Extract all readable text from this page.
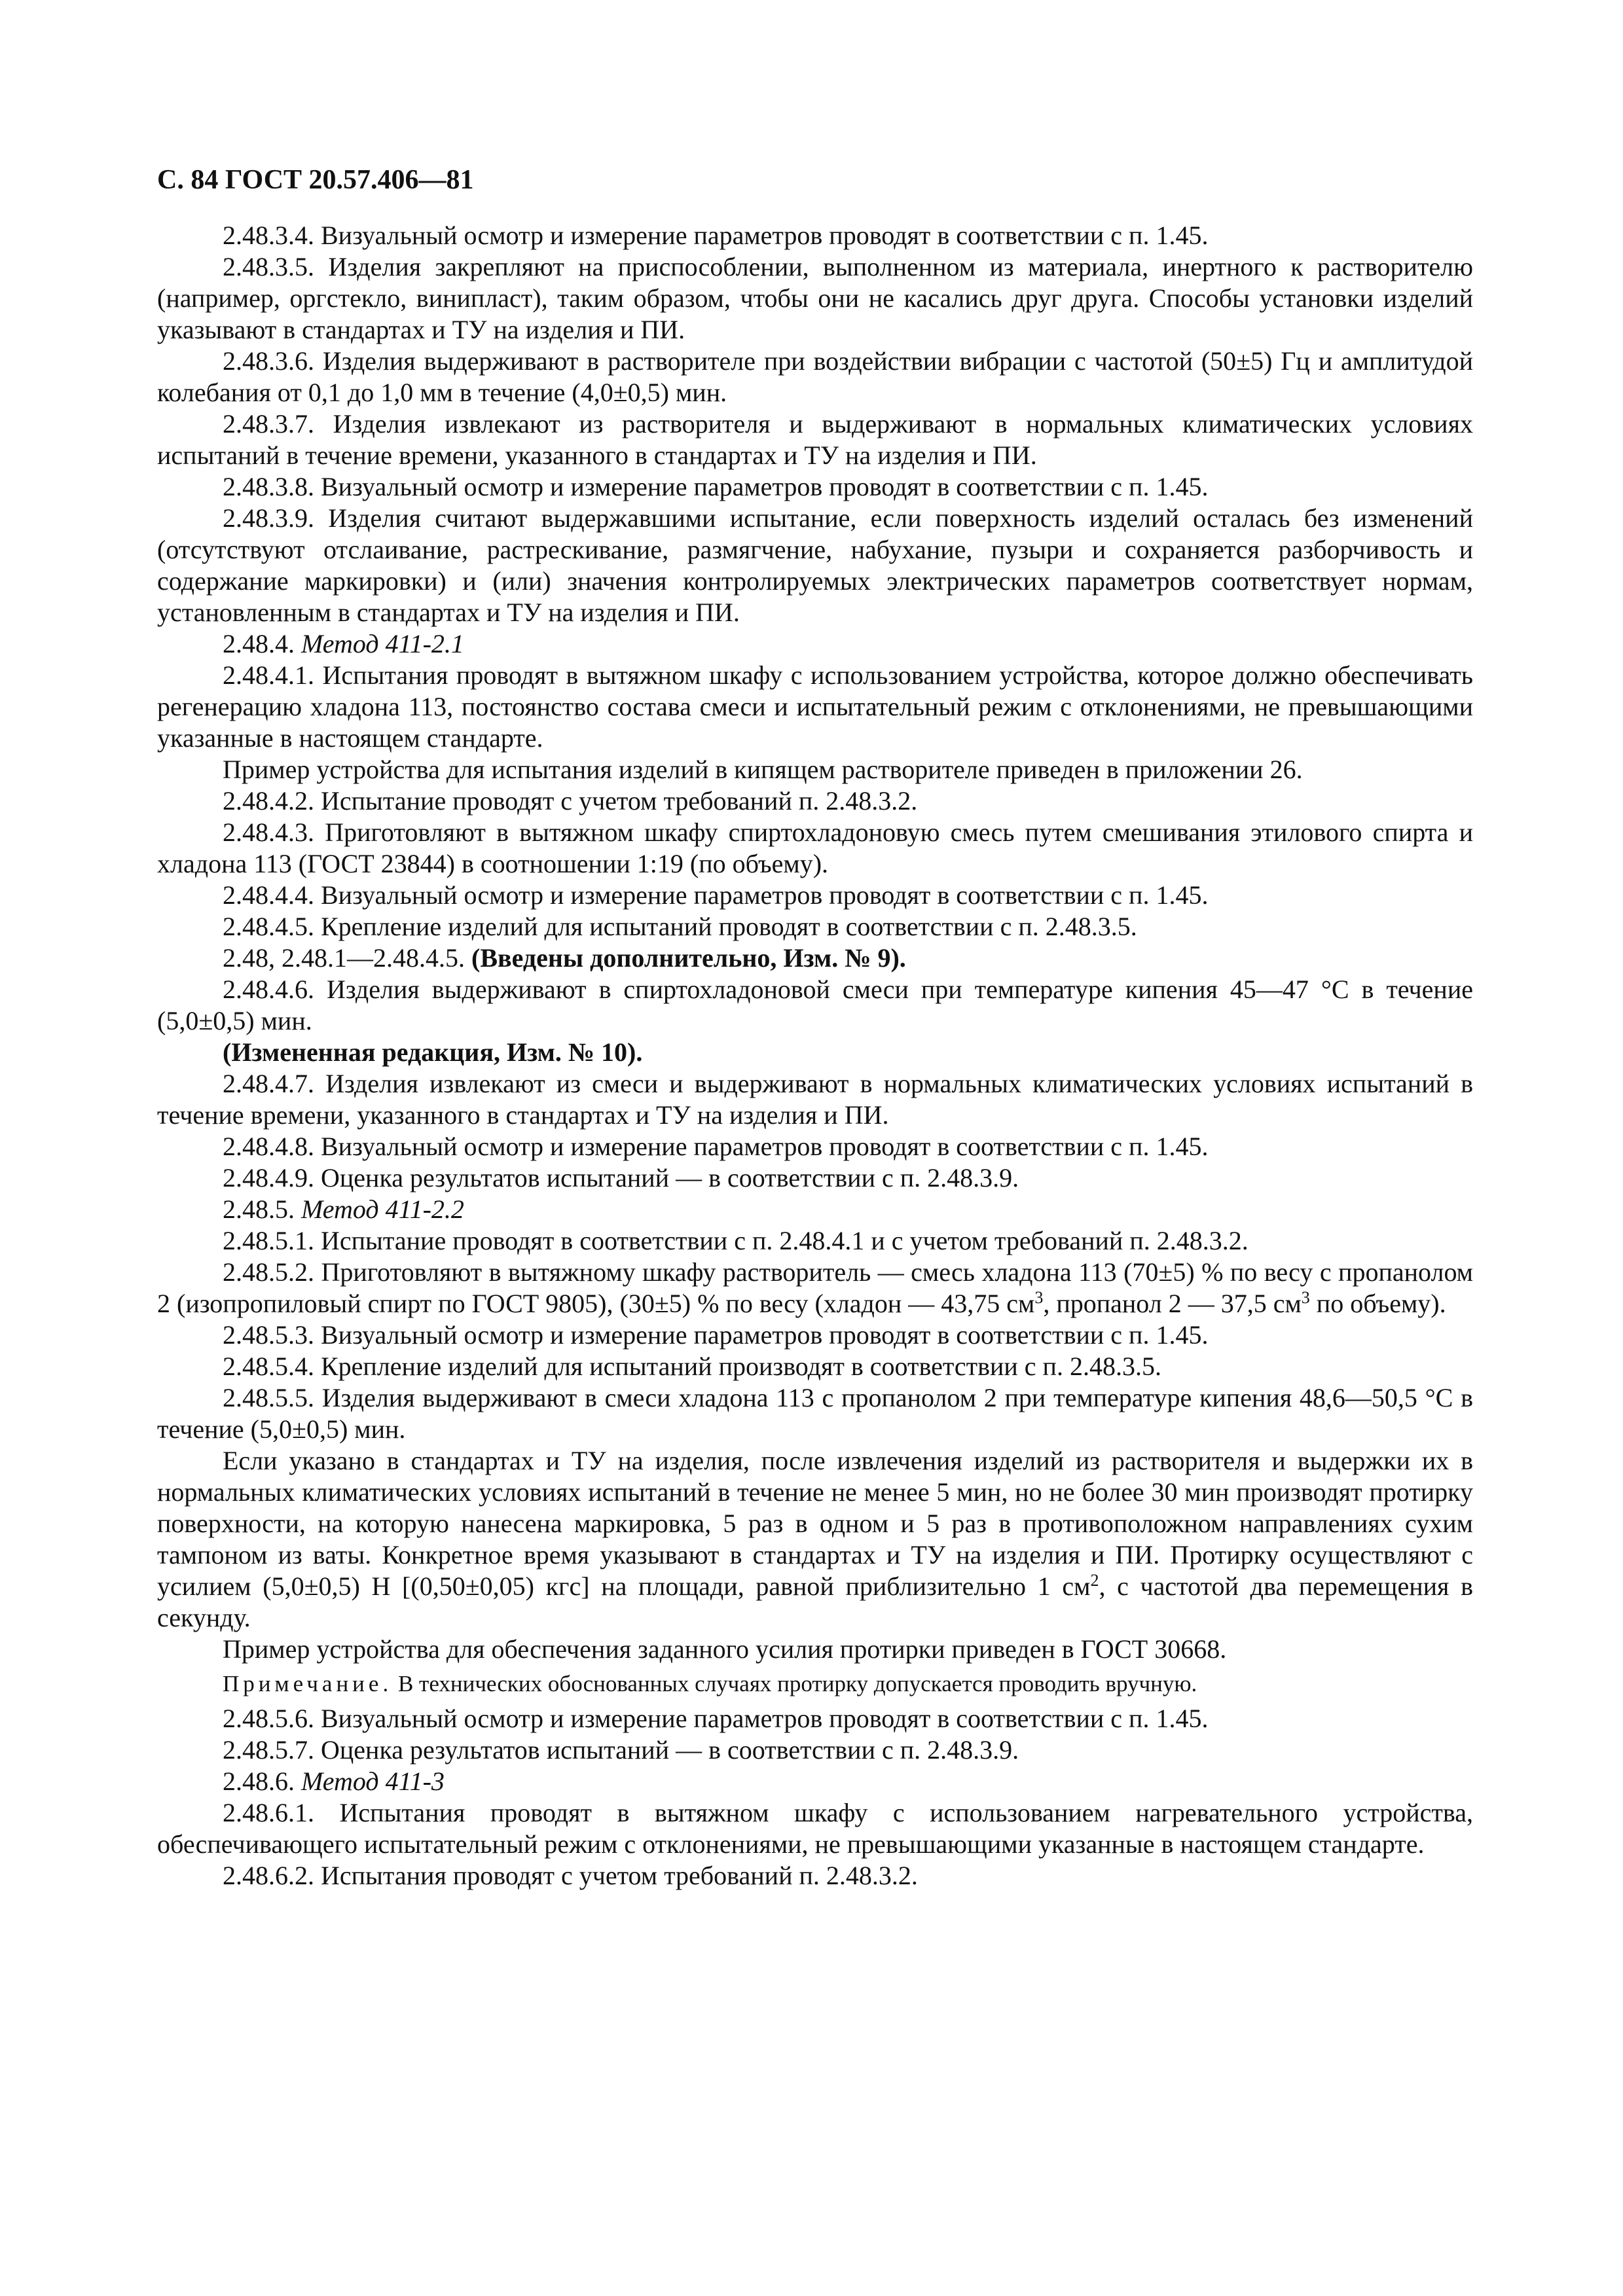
С. 84 ГОСТ 20.57.406—81

2.48.3.4. Визуальный осмотр и измерение параметров проводят в соответствии с п. 1.45.

2.48.3.5. Изделия закрепляют на приспособлении, выполненном из материала, инертного к растворителю (например, оргстекло, винипласт), таким образом, чтобы они не касались друг друга. Способы установки изделий указывают в стандартах и ТУ на изделия и ПИ.

2.48.3.6. Изделия выдерживают в растворителе при воздействии вибрации с частотой (50±5) Гц и амплитудой колебания от 0,1 до 1,0 мм в течение (4,0±0,5) мин.

2.48.3.7. Изделия извлекают из растворителя и выдерживают в нормальных климатических условиях испытаний в течение времени, указанного в стандартах и ТУ на изделия и ПИ.

2.48.3.8. Визуальный осмотр и измерение параметров проводят в соответствии с п. 1.45.

2.48.3.9. Изделия считают выдержавшими испытание, если поверхность изделий осталась без изменений (отсутствуют отслаивание, растрескивание, размягчение, набухание, пузыри и сохраняется разборчивость и содержание маркировки) и (или) значения контролируемых электрических параметров соответствует нормам, установленным в стандартах и ТУ на изделия и ПИ.

2.48.4. Метод 411-2.1

2.48.4.1. Испытания проводят в вытяжном шкафу с использованием устройства, которое должно обеспечивать регенерацию хладона 113, постоянство состава смеси и испытательный режим с отклонениями, не превышающими указанные в настоящем стандарте.

Пример устройства для испытания изделий в кипящем растворителе приведен в приложении 26.

2.48.4.2. Испытание проводят с учетом требований п. 2.48.3.2.

2.48.4.3. Приготовляют в вытяжном шкафу спиртохладоновую смесь путем смешивания этилового спирта и хладона 113 (ГОСТ 23844) в соотношении 1:19 (по объему).

2.48.4.4. Визуальный осмотр и измерение параметров проводят в соответствии с п. 1.45.

2.48.4.5. Крепление изделий для испытаний проводят в соответствии с п. 2.48.3.5.

2.48, 2.48.1—2.48.4.5. (Введены дополнительно, Изм. № 9).

2.48.4.6. Изделия выдерживают в спиртохладоновой смеси при температуре кипения 45—47 °С в течение (5,0±0,5) мин.

(Измененная редакция, Изм. № 10).

2.48.4.7. Изделия извлекают из смеси и выдерживают в нормальных климатических условиях испытаний в течение времени, указанного в стандартах и ТУ на изделия и ПИ.

2.48.4.8. Визуальный осмотр и измерение параметров проводят в соответствии с п. 1.45.

2.48.4.9. Оценка результатов испытаний — в соответствии с п. 2.48.3.9.

2.48.5. Метод 411-2.2

2.48.5.1. Испытание проводят в соответствии с п. 2.48.4.1 и с учетом требований п. 2.48.3.2.

2.48.5.2. Приготовляют в вытяжному шкафу растворитель — смесь хладона 113 (70±5) % по весу с пропанолом 2 (изопропиловый спирт по ГОСТ 9805), (30±5) % по весу (хладон — 43,75 $см^3$, пропанол 2 — 37,5 $см^3$ по объему).

2.48.5.3. Визуальный осмотр и измерение параметров проводят в соответствии с п. 1.45.

2.48.5.4. Крепление изделий для испытаний производят в соответствии с п. 2.48.3.5.

2.48.5.5. Изделия выдерживают в смеси хладона 113 с пропанолом 2 при температуре кипения 48,6—50,5 °С в течение (5,0±0,5) мин.

Если указано в стандартах и ТУ на изделия, после извлечения изделий из растворителя и выдержки их в нормальных климатических условиях испытаний в течение не менее 5 мин, но не более 30 мин производят протирку поверхности, на которую нанесена маркировка, 5 раз в одном и 5 раз в противоположном направлениях сухим тампоном из ваты. Конкретное время указывают в стандартах и ТУ на изделия и ПИ. Протирку осуществляют с усилием (5,0±0,5) Н [(0,50±0,05) кгс] на площади, равной приблизительно 1 $см^2$, с частотой два перемещения в секунду.

Пример устройства для обеспечения заданного усилия протирки приведен в ГОСТ 30668.

Примечание. В технических обоснованных случаях протирку допускается проводить вручную.

2.48.5.6. Визуальный осмотр и измерение параметров проводят в соответствии с п. 1.45.

2.48.5.7. Оценка результатов испытаний — в соответствии с п. 2.48.3.9.

2.48.6. Метод 411-3

2.48.6.1. Испытания проводят в вытяжном шкафу с использованием нагревательного устройства, обеспечивающего испытательный режим с отклонениями, не превышающими указанные в настоящем стандарте.

2.48.6.2. Испытания проводят с учетом требований п. 2.48.3.2.
